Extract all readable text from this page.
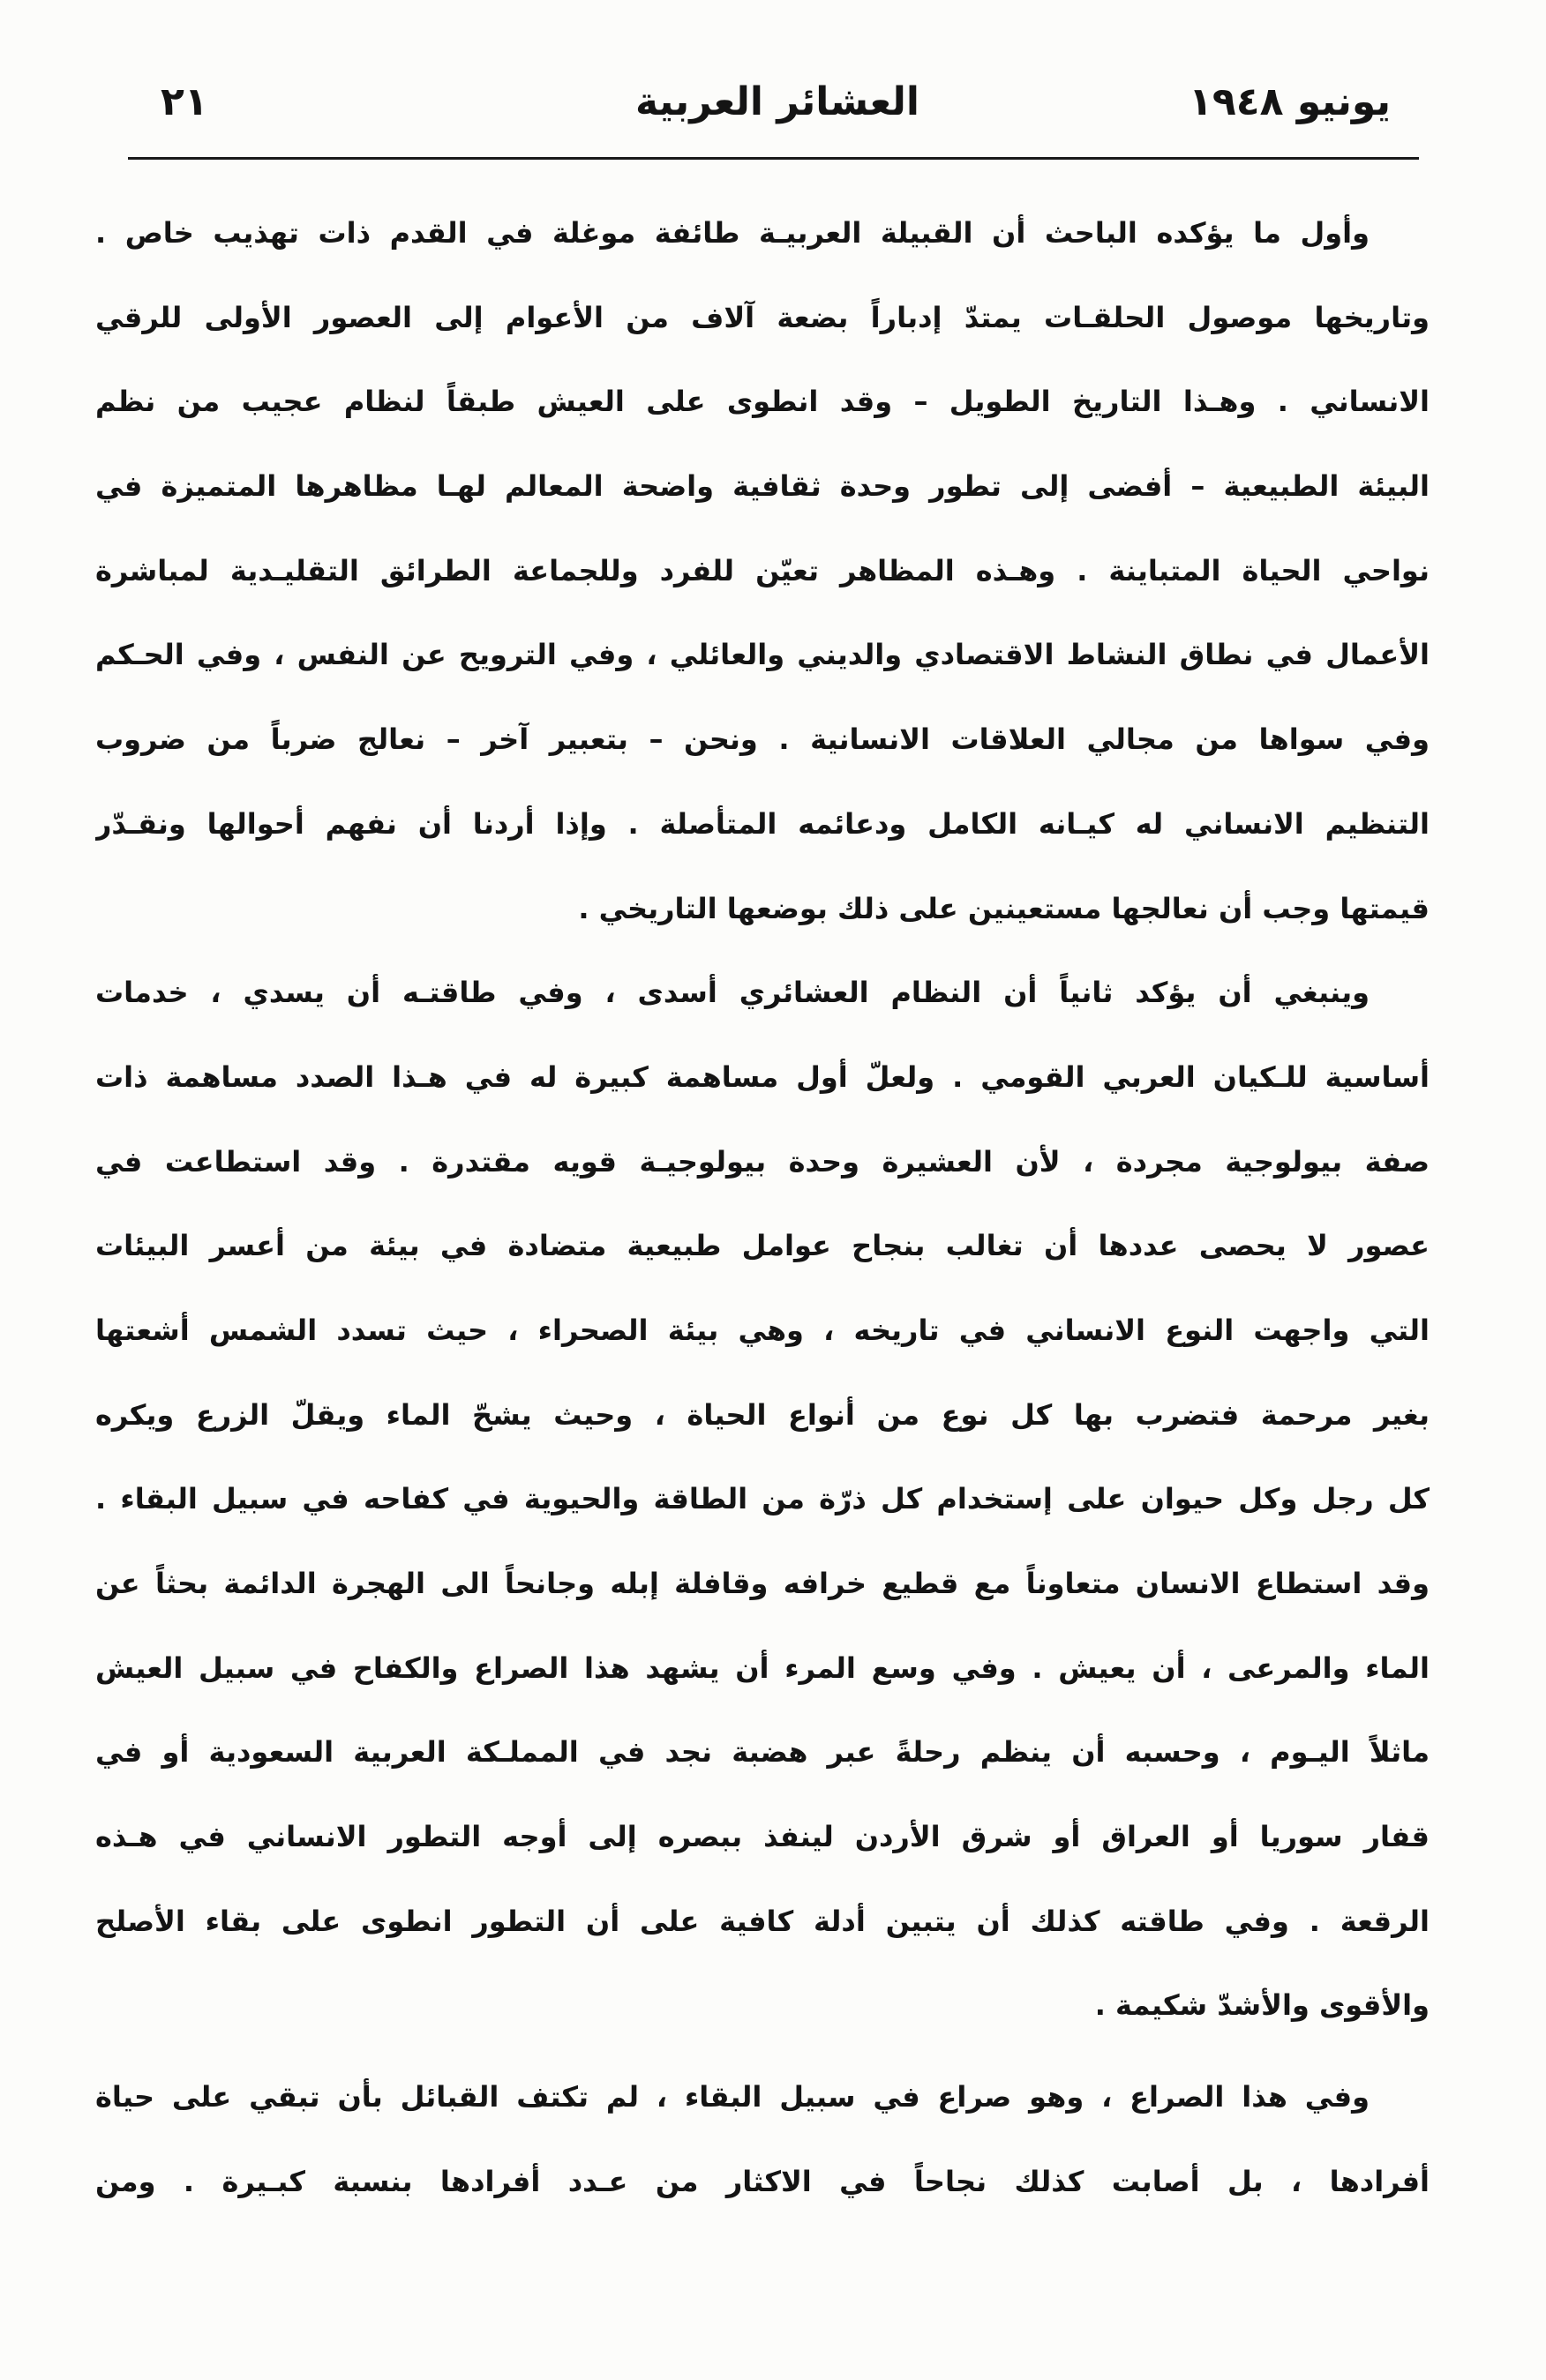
يونيو ١٩٤٨
العشائر العربية
٢١
وأول ما يؤكده الباحث أن القبيلة العربيـة طائفة موغلة في القدم ذات تهذيب خاص .
وتاريخها موصول الحلقـات يمتدّ إدباراً بضعة آلاف من الأعوام إلى العصور الأولى للرقي
الانساني . وهـذا التاريخ الطويل – وقد انطوى على العيش طبقاً لنظام عجيب من نظم
البيئة الطبيعية – أفضى إلى تطور وحدة ثقافية واضحة المعالم لهـا مظاهرها المتميزة في
نواحي الحياة المتباينة . وهـذه المظاهر تعيّن للفرد وللجماعة الطرائق التقليـدية لمباشرة
الأعمال في نطاق النشاط الاقتصادي والديني والعائلي ، وفي الترويح عن النفس ، وفي الحـكم
وفي سواها من مجالي العلاقات الانسانية . ونحن – بتعبير آخر – نعالج ضرباً من ضروب
التنظيم الانساني له كيـانه الكامل ودعائمه المتأصلة . وإذا أردنا أن نفهم أحوالها ونقـدّر
قيمتها وجب أن نعالجها مستعينين على ذلك بوضعها التاريخي .
وينبغي أن يؤكد ثانياً أن النظام العشائري أسدى ، وفي طاقتـه أن يسدي ، خدمات
أساسية للـكيان العربي القومي . ولعلّ أول مساهمة كبيرة له في هـذا الصدد مساهمة ذات
صفة بيولوجية مجردة ، لأن العشيرة وحدة بيولوجيـة قويه مقتدرة . وقد استطاعت في
عصور لا يحصى عددها أن تغالب بنجاح عوامل طبيعية متضادة في بيئة من أعسر البيئات
التي واجهت النوع الانساني في تاريخه ، وهي بيئة الصحراء ، حيث تسدد الشمس أشعتها
بغير مرحمة فتضرب بها كل نوع من أنواع الحياة ، وحيث يشحّ الماء ويقلّ الزرع ويكره
كل رجل وكل حيوان على إستخدام كل ذرّة من الطاقة والحيوية في كفاحه في سبيل البقاء .
وقد استطاع الانسان متعاوناً مع قطيع خرافه وقافلة إبله وجانحاً الى الهجرة الدائمة بحثاً عن
الماء والمرعى ، أن يعيش . وفي وسع المرء أن يشهد هذا الصراع والكفاح في سبيل العيش
ماثلاً اليـوم ، وحسبه أن ينظم رحلةً عبر هضبة نجد في المملـكة العربية السعودية أو في
قفار سوريا أو العراق أو شرق الأردن لينفذ ببصره إلى أوجه التطور الانساني في هـذه
الرقعة . وفي طاقته كذلك أن يتبين أدلة كافية على أن التطور انطوى على بقاء الأصلح
والأقوى والأشدّ شكيمة .
وفي هذا الصراع ، وهو صراع في سبيل البقاء ، لم تكتف القبائل بأن تبقي على حياة
أفرادها ، بل أصابت كذلك نجاحاً في الاكثار من عـدد أفرادها بنسبة كبـيرة . ومن
